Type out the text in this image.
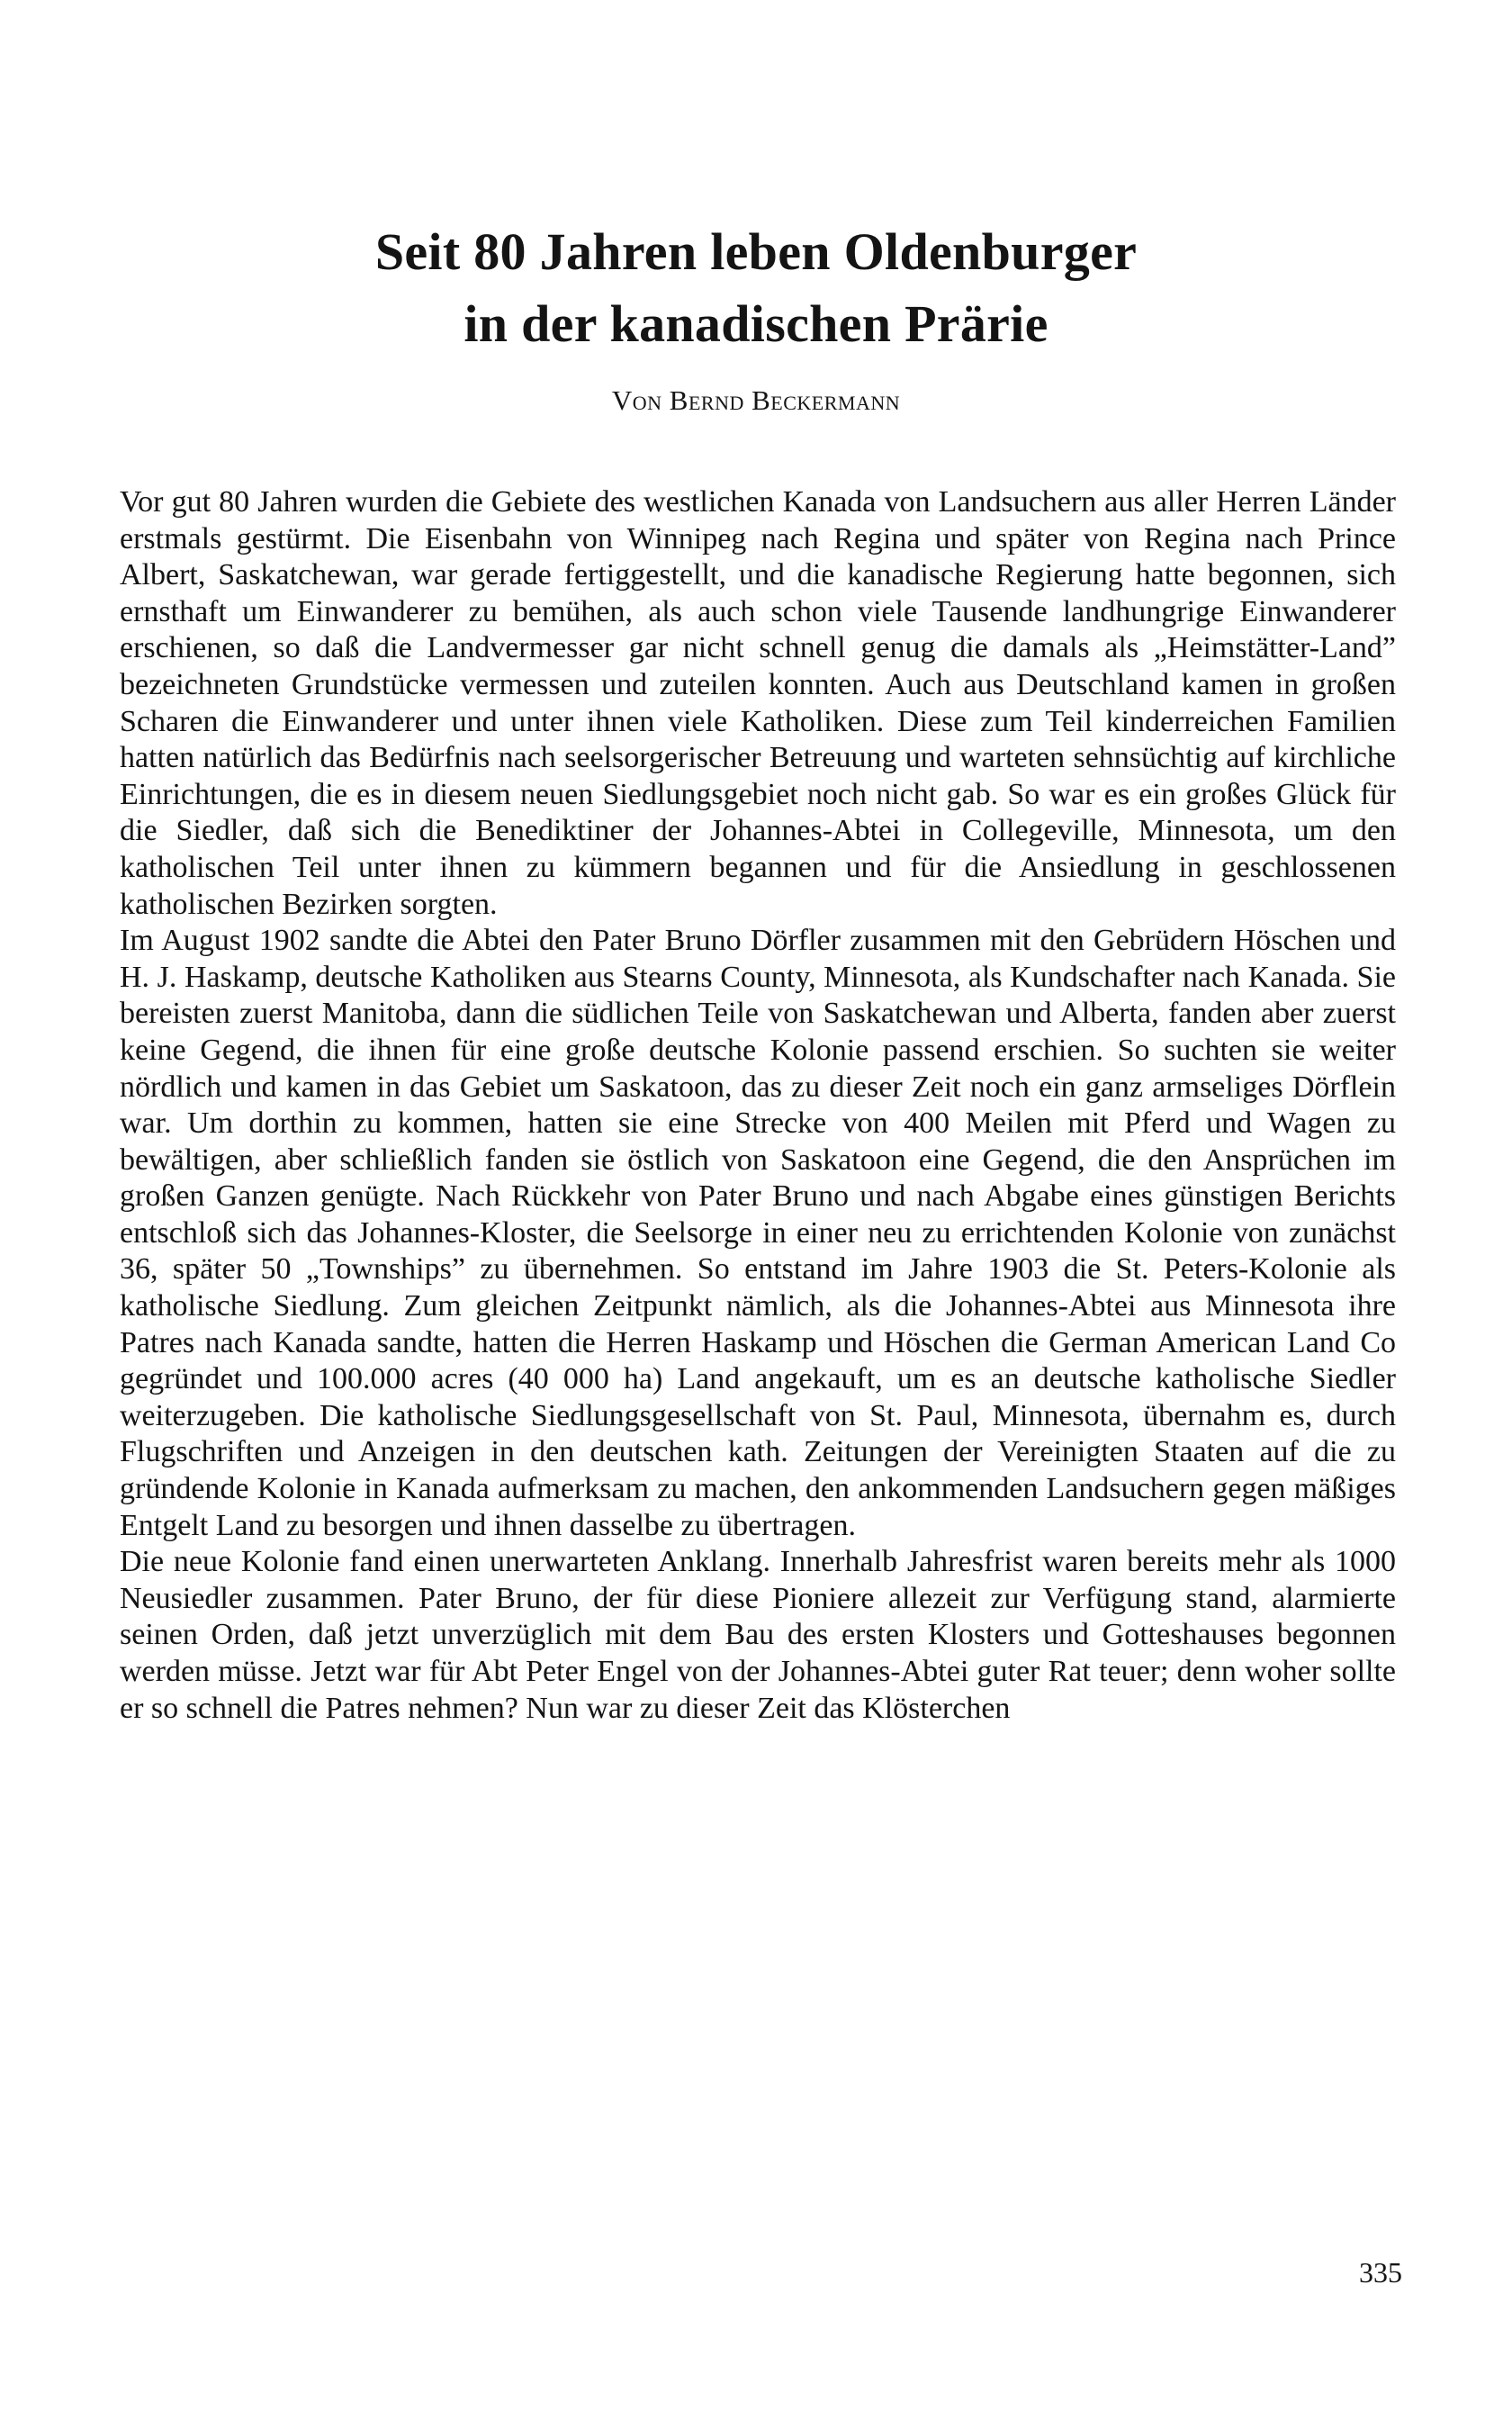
Seit 80 Jahren leben Oldenburger
in der kanadischen Prärie
Von Bernd Beckermann

Vor gut 80 Jahren wurden die Gebiete des westlichen Kanada von Landsuchern aus aller Herren Länder erstmals gestürmt. Die Eisenbahn von Winnipeg nach Regina und später von Regina nach Prince Albert, Saskatchewan, war gerade fertiggestellt, und die kanadische Regierung hatte begonnen, sich ernsthaft um Einwanderer zu bemühen, als auch schon viele Tausende landhungrige Einwanderer erschienen, so daß die Landvermesser gar nicht schnell genug die damals als „Heimstätter-Land” bezeichneten Grundstücke vermessen und zuteilen konnten. Auch aus Deutschland kamen in großen Scharen die Einwanderer und unter ihnen viele Katholiken. Diese zum Teil kinderreichen Familien hatten natürlich das Bedürfnis nach seelsorgerischer Betreuung und warteten sehnsüchtig auf kirchliche Einrichtungen, die es in diesem neuen Siedlungsgebiet noch nicht gab. So war es ein großes Glück für die Siedler, daß sich die Benediktiner der Johannes-Abtei in Collegeville, Minnesota, um den katholischen Teil unter ihnen zu kümmern begannen und für die Ansiedlung in geschlossenen katholischen Bezirken sorgten.

Im August 1902 sandte die Abtei den Pater Bruno Dörfler zusammen mit den Gebrüdern Höschen und H. J. Haskamp, deutsche Katholiken aus Stearns County, Minnesota, als Kundschafter nach Kanada. Sie bereisten zuerst Manitoba, dann die südlichen Teile von Saskatchewan und Alberta, fanden aber zuerst keine Gegend, die ihnen für eine große deutsche Kolonie passend erschien. So suchten sie weiter nördlich und kamen in das Gebiet um Saskatoon, das zu dieser Zeit noch ein ganz armseliges Dörflein war. Um dorthin zu kommen, hatten sie eine Strecke von 400 Meilen mit Pferd und Wagen zu bewältigen, aber schließlich fanden sie östlich von Saskatoon eine Gegend, die den Ansprüchen im großen Ganzen genügte. Nach Rückkehr von Pater Bruno und nach Abgabe eines günstigen Berichts entschloß sich das Johannes-Kloster, die Seelsorge in einer neu zu errichtenden Kolonie von zunächst 36, später 50 „Townships” zu übernehmen. So entstand im Jahre 1903 die St. Peters-Kolonie als katholische Siedlung. Zum gleichen Zeitpunkt nämlich, als die Johannes-Abtei aus Minnesota ihre Patres nach Kanada sandte, hatten die Herren Haskamp und Höschen die German American Land Co gegründet und 100.000 acres (40 000 ha) Land angekauft, um es an deutsche katholische Siedler weiterzugeben. Die katholische Siedlungsgesellschaft von St. Paul, Minnesota, übernahm es, durch Flugschriften und Anzeigen in den deutschen kath. Zeitungen der Vereinigten Staaten auf die zu gründende Kolonie in Kanada aufmerksam zu machen, den ankommenden Landsuchern gegen mäßiges Entgelt Land zu besorgen und ihnen dasselbe zu übertragen.

Die neue Kolonie fand einen unerwarteten Anklang. Innerhalb Jahresfrist waren bereits mehr als 1000 Neusiedler zusammen. Pater Bruno, der für diese Pioniere allezeit zur Verfügung stand, alarmierte seinen Orden, daß jetzt unverzüglich mit dem Bau des ersten Klosters und Gotteshauses begonnen werden müsse. Jetzt war für Abt Peter Engel von der Johannes-Abtei guter Rat teuer; denn woher sollte er so schnell die Patres nehmen? Nun war zu dieser Zeit das Klösterchen

335
